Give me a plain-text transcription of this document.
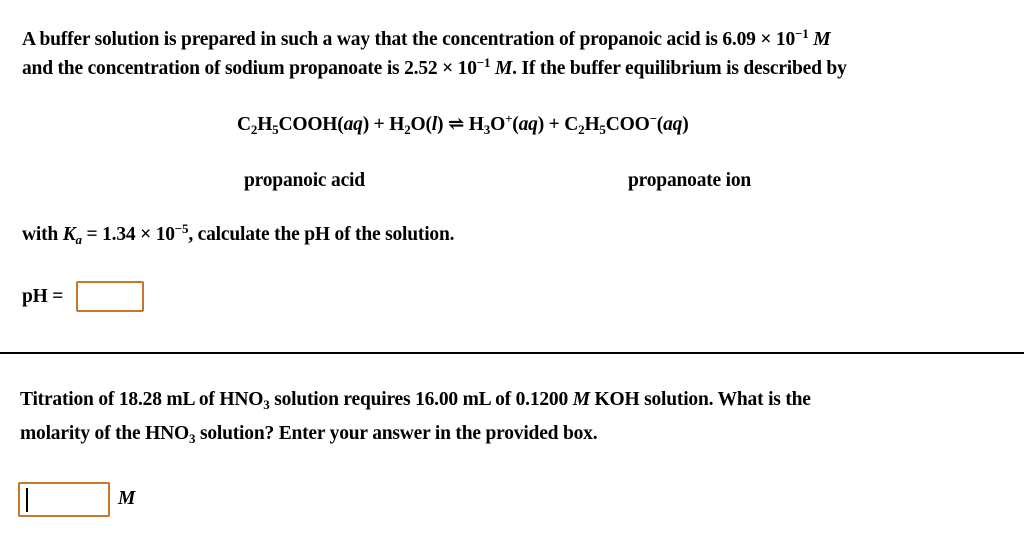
A buffer solution is prepared in such a way that the concentration of propanoic acid is $6.09 \times 10^{-1}$ M
and the concentration of sodium propanoate is $2.52 \times 10^{-1}$ M. If the buffer equilibrium is described by
$C_2H_5COOH(aq) + H_2O(l)$ ⇌ $H_3O^+(aq) + C_2H_5COO^-(aq)$
propanoic acid	propanoate ion
with $K_a = 1.34 \times 10^{-5}$, calculate the pH of the solution.
pH =
Titration of 18.28 mL of $HNO_3$ solution requires 16.00 mL of 0.1200 M KOH solution. What is the
molarity of the $HNO_3$ solution? Enter your answer in the provided box.
M
